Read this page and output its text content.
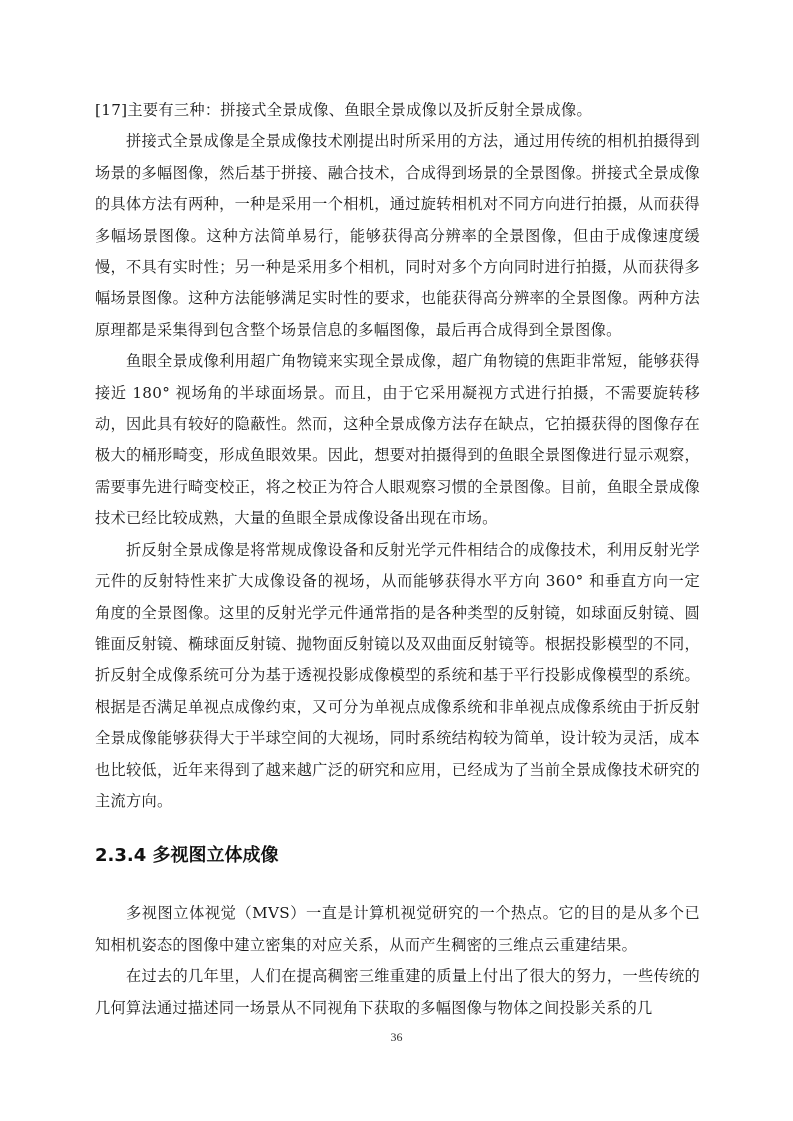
[17]主要有三种：拼接式全景成像、鱼眼全景成像以及折反射全景成像。

拼接式全景成像是全景成像技术刚提出时所采用的方法，通过用传统的相机拍摄得到场景的多幅图像，然后基于拼接、融合技术，合成得到场景的全景图像。拼接式全景成像的具体方法有两种，一种是采用一个相机，通过旋转相机对不同方向进行拍摄，从而获得多幅场景图像。这种方法简单易行，能够获得高分辨率的全景图像，但由于成像速度缓慢，不具有实时性；另一种是采用多个相机，同时对多个方向同时进行拍摄，从而获得多幅场景图像。这种方法能够满足实时性的要求，也能获得高分辨率的全景图像。两种方法原理都是采集得到包含整个场景信息的多幅图像，最后再合成得到全景图像。

鱼眼全景成像利用超广角物镜来实现全景成像，超广角物镜的焦距非常短，能够获得接近 180° 视场角的半球面场景。而且，由于它采用凝视方式进行拍摄，不需要旋转移动，因此具有较好的隐蔽性。然而，这种全景成像方法存在缺点，它拍摄获得的图像存在极大的桶形畸变，形成鱼眼效果。因此，想要对拍摄得到的鱼眼全景图像进行显示观察，需要事先进行畸变校正，将之校正为符合人眼观察习惯的全景图像。目前，鱼眼全景成像技术已经比较成熟，大量的鱼眼全景成像设备出现在市场。

折反射全景成像是将常规成像设备和反射光学元件相结合的成像技术，利用反射光学元件的反射特性来扩大成像设备的视场，从而能够获得水平方向 360° 和垂直方向一定角度的全景图像。这里的反射光学元件通常指的是各种类型的反射镜，如球面反射镜、圆锥面反射镜、椭球面反射镜、抛物面反射镜以及双曲面反射镜等。根据投影模型的不同，折反射全成像系统可分为基于透视投影成像模型的系统和基于平行投影成像模型的系统。根据是否满足单视点成像约束，又可分为单视点成像系统和非单视点成像系统由于折反射全景成像能够获得大于半球空间的大视场，同时系统结构较为简单，设计较为灵活，成本也比较低，近年来得到了越来越广泛的研究和应用，已经成为了当前全景成像技术研究的主流方向。

2.3.4 多视图立体成像

多视图立体视觉（MVS）一直是计算机视觉研究的一个热点。它的目的是从多个已知相机姿态的图像中建立密集的对应关系，从而产生稠密的三维点云重建结果。

在过去的几年里，人们在提高稠密三维重建的质量上付出了很大的努力，一些传统的几何算法通过描述同一场景从不同视角下获取的多幅图像与物体之间投影关系的几

36
